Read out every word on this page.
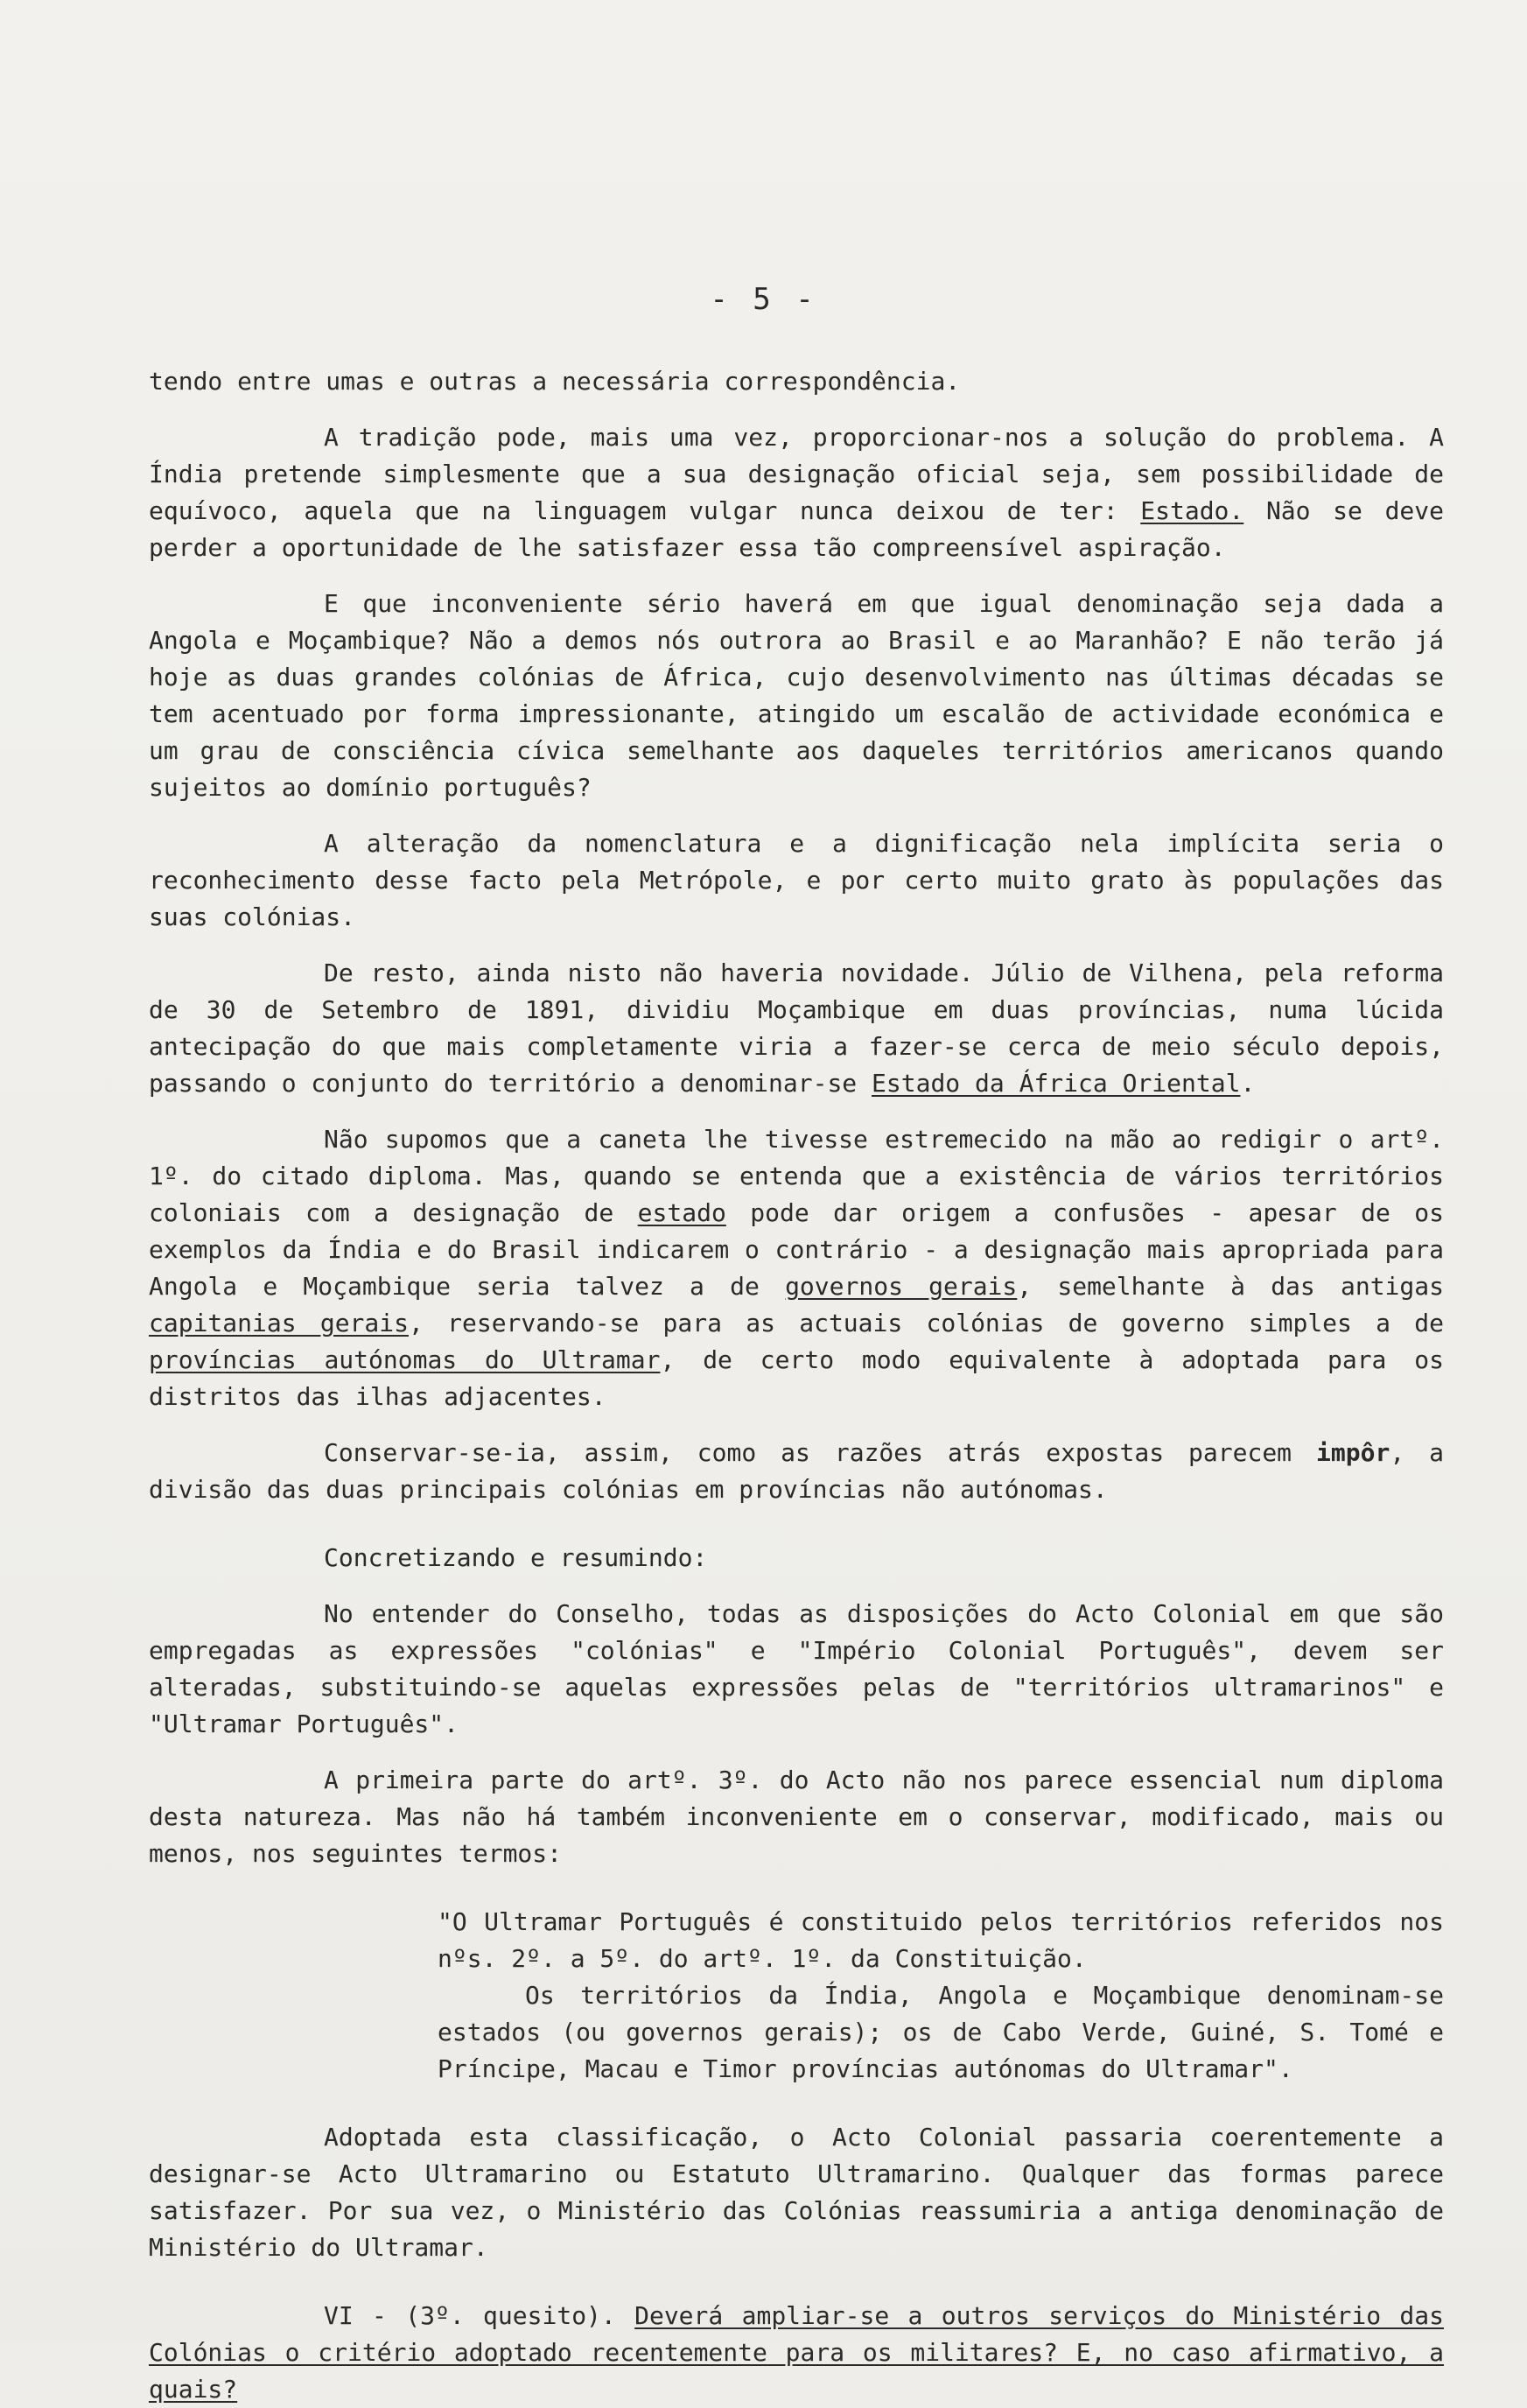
- 5 -

tendo entre umas e outras a necessária correspondência.

A tradição pode, mais uma vez, proporcionar-nos a solução do problema. A Índia pretende simplesmente que a sua designação oficial seja, sem possibilidade de equívoco, aquela que na linguagem vulgar nunca deixou de ter: Estado. Não se deve perder a oportunidade de lhe satisfazer essa tão compreensível aspiração.

E que inconveniente sério haverá em que igual denominação seja dada a Angola e Moçambique? Não a demos nós outrora ao Brasil e ao Maranhão? E não terão já hoje as duas grandes colónias de África, cujo desenvolvimento nas últimas décadas se tem acentuado por forma impressionante, atingido um escalão de actividade económica e um grau de consciência cívica semelhante aos daqueles territórios americanos quando sujeitos ao domínio português?

A alteração da nomenclatura e a dignificação nela implícita seria o reconhecimento desse facto pela Metrópole, e por certo muito grato às populações das suas colónias.

De resto, ainda nisto não haveria novidade. Júlio de Vilhena, pela reforma de 30 de Setembro de 1891, dividiu Moçambique em duas províncias, numa lúcida antecipação do que mais completamente viria a fazer-se cerca de meio século depois, passando o conjunto do território a denominar-se Estado da África Oriental.

Não supomos que a caneta lhe tivesse estremecido na mão ao redigir o artº. 1º. do citado diploma. Mas, quando se entenda que a existência de vários territórios coloniais com a designação de estado pode dar origem a confusões - apesar de os exemplos da Índia e do Brasil indicarem o contrário - a designação mais apropriada para Angola e Moçambique seria talvez a de governos gerais, semelhante à das antigas capitanias gerais, reservando-se para as actuais colónias de governo simples a de províncias autónomas do Ultramar, de certo modo equivalente à adoptada para os distritos das ilhas adjacentes.

Conservar-se-ia, assim, como as razões atrás expostas parecem impôr, a divisão das duas principais colónias em províncias não autónomas.

Concretizando e resumindo:

No entender do Conselho, todas as disposições do Acto Colonial em que são empregadas as expressões "colónias" e "Império Colonial Português", devem ser alteradas, substituindo-se aquelas expressões pelas de "territórios ultramarinos" e "Ultramar Português".

A primeira parte do artº. 3º. do Acto não nos parece essencial num diploma desta natureza. Mas não há também inconveniente em o conservar, modificado, mais ou menos, nos seguintes termos:

"O Ultramar Português é constituido pelos territórios referidos nos nºs. 2º. a 5º. do artº. 1º. da Constituição.

Os territórios da Índia, Angola e Moçambique denominam-se estados (ou governos gerais); os de Cabo Verde, Guiné, S. Tomé e Príncipe, Macau e Timor províncias autónomas do Ultramar".

Adoptada esta classificação, o Acto Colonial passaria coerentemente a designar-se Acto Ultramarino ou Estatuto Ultramarino. Qualquer das formas parece satisfazer. Por sua vez, o Ministério das Colónias reassumiria a antiga denominação de Ministério do Ultramar.

VI - (3º. quesito). Deverá ampliar-se a outros serviços do Ministério das Colónias o critério adoptado recentemente para os militares? E, no caso afirmativo, a quais?
